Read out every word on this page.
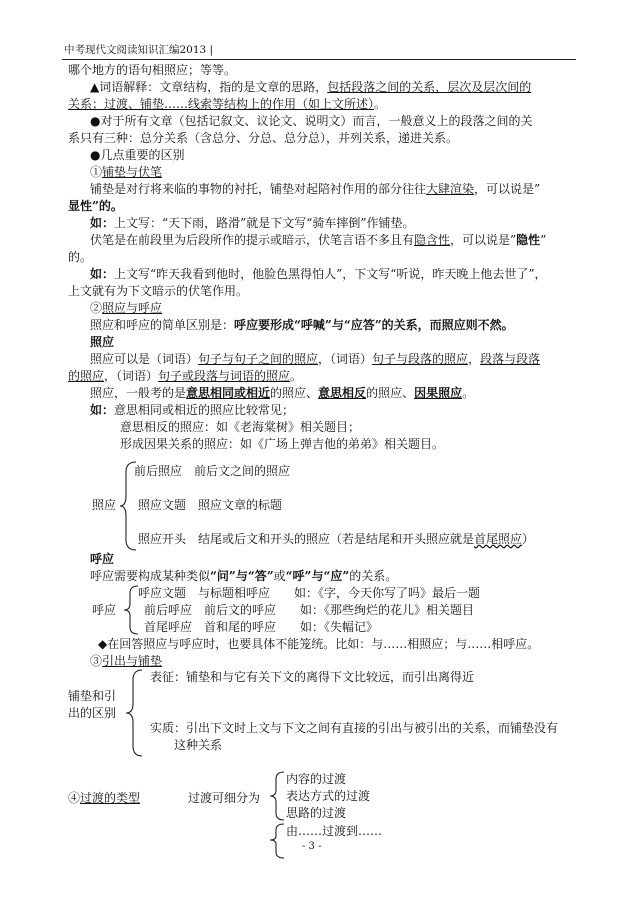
中考现代文阅读知识汇编2013 |
哪个地方的语句相照应；等等。
▲词语解释：文章结构，指的是文章的思路，包括段落之间的关系，层次及层次间的
关系；过渡、铺垫……线索等结构上的作用（如上文所述）。
●对于所有文章（包括记叙文、议论文、说明文）而言，一般意义上的段落之间的关
系只有三种：总分关系（含总分、分总、总分总），并列关系，递进关系。
●几点重要的区别
①铺垫与伏笔
铺垫是对行将来临的事物的衬托，铺垫对起陪衬作用的部分往往大肆渲染，可以说是”
显性”的。
如：上文写：“天下雨，路滑”就是下文写“骑车摔倒”作铺垫。
伏笔是在前段里为后段所作的提示或暗示，伏笔言语不多且有隐含性，可以说是”隐性”
的。
如：上文写“昨天我看到他时，他脸色黑得怕人”，下文写“听说，昨天晚上他去世了”，
上文就有为下文暗示的伏笔作用。
②照应与呼应
照应和呼应的简单区别是：呼应要形成“呼喊”与“应答”的关系，而照应则不然。
照应
照应可以是（词语）句子与句子之间的照应，（词语）句子与段落的照应，段落与段落
的照应，（词语）句子或段落与词语的照应。
照应，一般考的是意思相同或相近的照应、意思相反的照应、因果照应。
如：意思相同或相近的照应比较常见；
意思相反的照应：如《老海棠树》相关题目；
形成因果关系的照应：如《广场上弹吉他的弟弟》相关题目。
照应
前后照应　前后文之间的照应
照应文题　照应文章的标题
照应开头　结尾或后文和开头的照应（若是结尾和开头照应就是首尾照应）
呼应
呼应需要构成某种类似“问”与“答”或“呼”与“应”的关系。
呼应
呼应文题　与标题相呼应　　如：《字，今天你写了吗》最后一题
前后呼应　前后文的呼应　　如：《那些绚烂的花儿》相关题目
首尾呼应　首和尾的呼应　　如：《失幅记》
◆在回答照应与呼应时，也要具体不能笼统。比如：与……相照应；与……相呼应。
③引出与铺垫
铺垫和引
出的区别
表征：铺垫和与它有关下文的离得下文比较远，而引出离得近
实质：引出下文时上文与下文之间有直接的引出与被引出的关系，而铺垫没有
这种关系
④过渡的类型	过渡可细分为
内容的过渡
表达方式的过渡
思路的过渡
由……过渡到……
- 3 -
